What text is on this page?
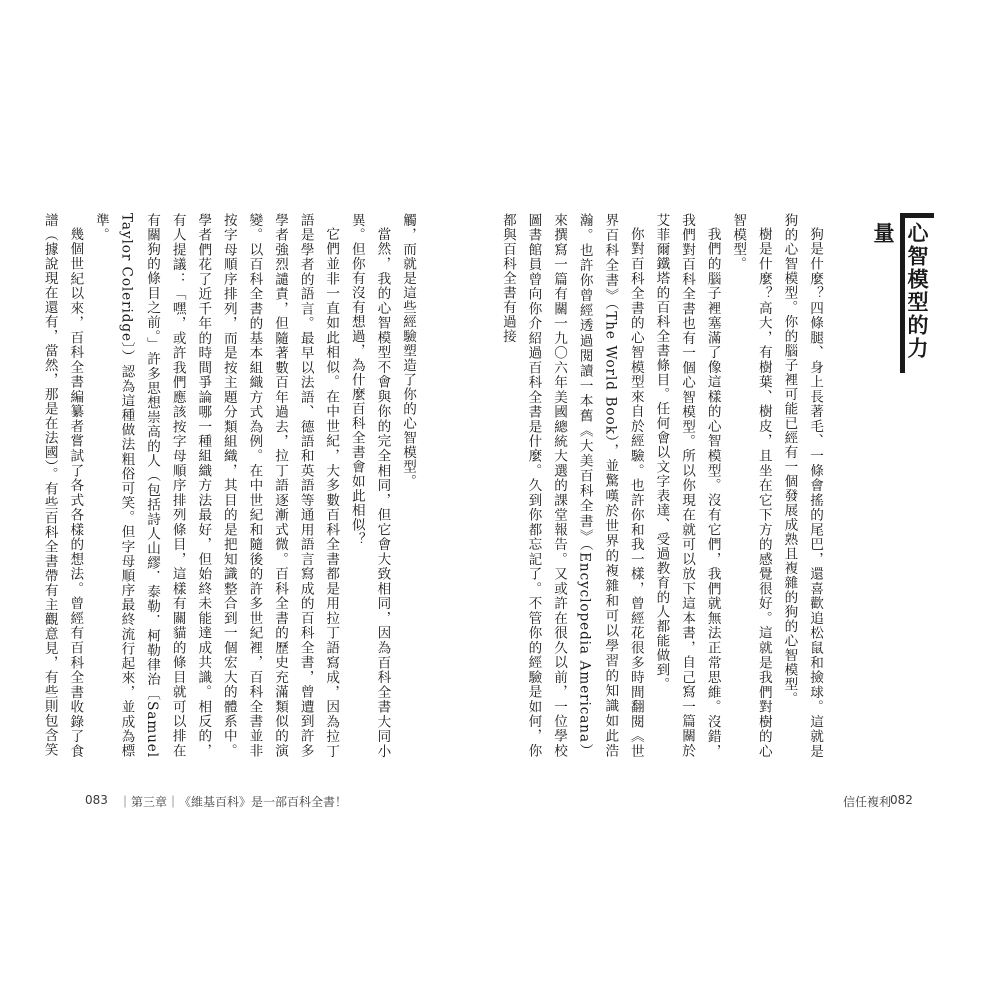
觸，而就是這些經驗塑造了你的心智模型。

當然，我的心智模型不會與你的完全相同，但它會大致相同，因為百科全書大同小異。但你有沒有想過，為什麼百科全書會如此相似？

它們並非一直如此相似。在中世紀，大多數百科全書都是用拉丁語寫成，因為拉丁語是學者的語言。最早以法語、德語和英語等通用語言寫成的百科全書，曾遭到許多學者強烈譴責，但隨著數百年過去，拉丁語逐漸式微。百科全書的歷史充滿類似的演變。以百科全書的基本組織方式為例。在中世紀和隨後的許多世紀裡，百科全書並非按字母順序排列，而是按主題分類組織，其目的是把知識整合到一個宏大的體系中。學者們花了近千年的時間爭論哪一種組織方法最好，但始終未能達成共識。相反的，有人提議：「嘿，或許我們應該按字母順序排列條目，這樣有關貓的條目就可以排在有關狗的條目之前。」許多思想崇高的人（包括詩人山繆．泰勒．柯勒律治〔Samuel Taylor Coleridge〕）認為這種做法粗俗可笑。但字母順序最終流行起來，並成為標準。

幾個世紀以來，百科全書編纂者嘗試了各式各樣的想法。曾經有百科全書收錄了食譜（據說現在還有，當然，那是在法國）。有些百科全書帶有主觀意見，有些則包含笑

083 ｜第三章｜《維基百科》是一部百科全書！
心智模型的力量

狗是什麼？四條腿、身上長著毛、一條會搖的尾巴，還喜歡追松鼠和撿球。這就是狗的心智模型。你的腦子裡可能已經有一個發展成熟且複雜的狗的心智模型。

樹是什麼？高大，有樹葉、樹皮，且坐在它下方的感覺很好。這就是我們對樹的心智模型。

我們的腦子裡塞滿了像這樣的心智模型。沒有它們，我們就無法正常思維。沒錯，我們對百科全書也有一個心智模型。所以你現在就可以放下這本書，自己寫一篇關於艾菲爾鐵塔的百科全書條目。任何會以文字表達、受過教育的人都能做到。

你對百科全書的心智模型來自於經驗。也許你和我一樣，曾經花很多時間翻閱《世界百科全書》（The World Book），並驚嘆於世界的複雜和可以學習的知識如此浩瀚。也許你曾經透過閱讀一本舊《大美百科全書》（Encyclopedia Americana）來撰寫一篇有關一九〇六年美國總統大選的課堂報告。又或許在很久以前，一位學校圖書館員曾向你介紹過百科全書是什麼。久到你都忘記了。不管你的經驗是如何，你都與百科全書有過接

信任複利
082
